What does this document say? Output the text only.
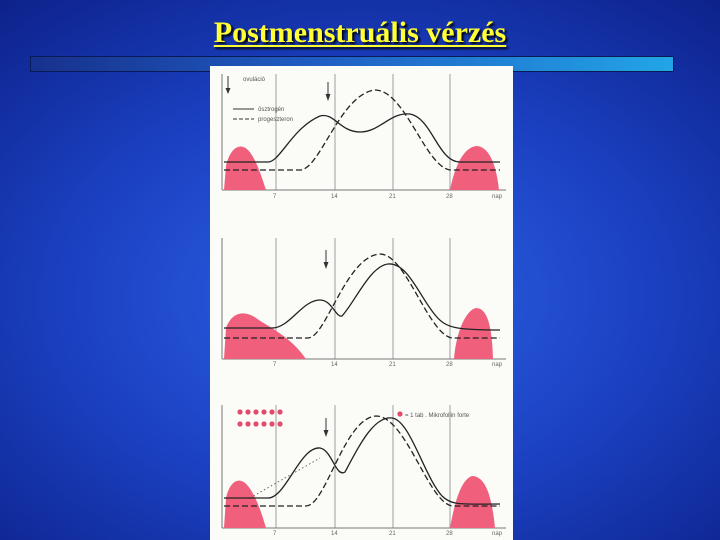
Postmenstruális vérzés
ovuláció
ösztrogén
progeszteron
7	14	21	28	nap
7	14	21	28	nap
= 1 tab . Mikrofollin forte
7	14	21	28	nap
